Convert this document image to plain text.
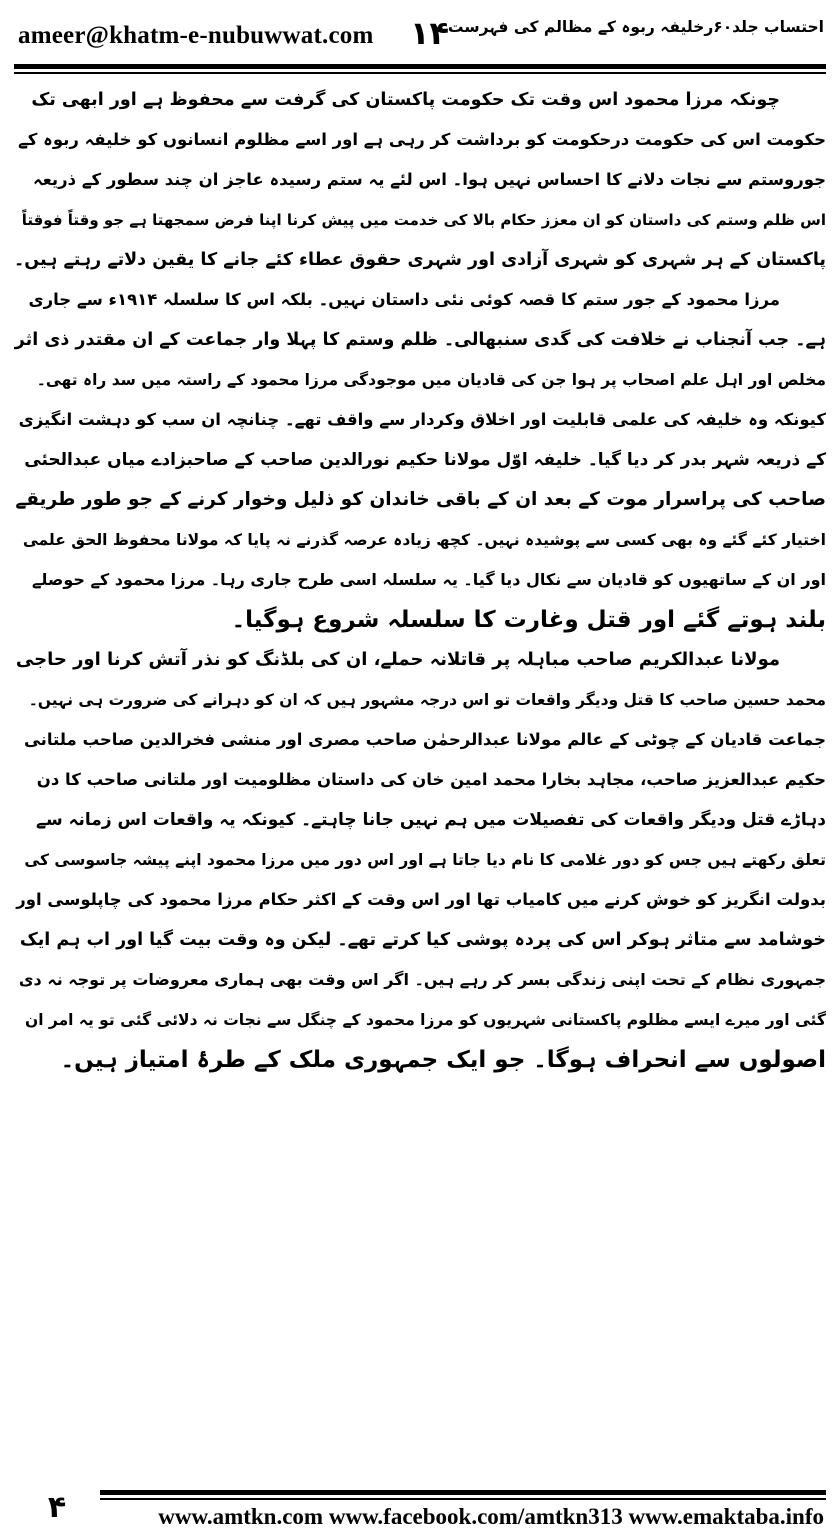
ameer@khatm-e-nubuwwat.com ۱۴
احتساب جلد۶۰رخلیفہ ربوہ کے مظالم کی فہرست
چونکہ مرزا محمود اس وقت تک حکومت پاکستان کی گرفت سے محفوظ ہے اور ابھی تک
حکومت اس کی حکومت درحکومت کو برداشت کر رہی ہے اور اسے مظلوم انسانوں کو خلیفہ ربوہ کے
جوروستم سے نجات دلانے کا احساس نہیں ہوا۔ اس لئے یہ ستم رسیدہ عاجز ان چند سطور کے ذریعہ
اس ظلم وستم کی داستان کو ان معزز حکام بالا کی خدمت میں پیش کرنا اپنا فرض سمجھتا ہے جو وقتاً فوقتاً
پاکستان کے ہر شہری کو شہری آزادی اور شہری حقوق عطاء کئے جانے کا یقین دلاتے رہتے ہیں۔
مرزا محمود کے جور ستم کا قصہ کوئی نئی داستان نہیں۔ بلکہ اس کا سلسلہ ۱۹۱۴ء سے جاری
ہے۔ جب آنجناب نے خلافت کی گدی سنبھالی۔ ظلم وستم کا پہلا وار جماعت کے ان مقتدر ذی اثر
مخلص اور اہل علم اصحاب پر ہوا جن کی قادیان میں موجودگی مرزا محمود کے راستہ میں سد راہ تھی۔
کیونکہ وہ خلیفہ کی علمی قابلیت اور اخلاق وکردار سے واقف تھے۔ چنانچہ ان سب کو دہشت انگیزی
کے ذریعہ شہر بدر کر دیا گیا۔ خلیفہ اوّل مولانا حکیم نورالدین صاحب کے صاحبزادے میاں عبدالحئی
صاحب کی پراسرار موت کے بعد ان کے باقی خاندان کو ذلیل وخوار کرنے کے جو طور طریقے
اختیار کئے گئے وہ بھی کسی سے پوشیدہ نہیں۔ کچھ زیادہ عرصہ گذرنے نہ پایا کہ مولانا محفوظ الحق علمی
اور ان کے ساتھیوں کو قادیان سے نکال دیا گیا۔ یہ سلسلہ اسی طرح جاری رہا۔ مرزا محمود کے حوصلے
بلند ہوتے گئے اور قتل وغارت کا سلسلہ شروع ہوگیا۔
مولانا عبدالکریم صاحب مباہلہ پر قاتلانہ حملے، ان کی بلڈنگ کو نذر آتش کرنا اور حاجی
محمد حسین صاحب کا قتل ودیگر واقعات تو اس درجہ مشہور ہیں کہ ان کو دہرانے کی ضرورت ہی نہیں۔
جماعت قادیان کے چوٹی کے عالم مولانا عبدالرحمٰن صاحب مصری اور منشی فخرالدین صاحب ملتانی
حکیم عبدالعزیز صاحب، مجاہد بخارا محمد امین خان کی داستان مظلومیت اور ملتانی صاحب کا دن
دہاڑے قتل ودیگر واقعات کی تفصیلات میں ہم نہیں جانا چاہتے۔ کیونکہ یہ واقعات اس زمانہ سے
تعلق رکھتے ہیں جس کو دور غلامی کا نام دیا جاتا ہے اور اس دور میں مرزا محمود اپنے پیشہ جاسوسی کی
بدولت انگریز کو خوش کرنے میں کامیاب تھا اور اس وقت کے اکثر حکام مرزا محمود کی چاپلوسی اور
خوشامد سے متاثر ہوکر اس کی پردہ پوشی کیا کرتے تھے۔ لیکن وہ وقت بیت گیا اور اب ہم ایک
جمہوری نظام کے تحت اپنی زندگی بسر کر رہے ہیں۔ اگر اس وقت بھی ہماری معروضات پر توجہ نہ دی
گئی اور میرے ایسے مظلوم پاکستانی شہریوں کو مرزا محمود کے چنگل سے نجات نہ دلائی گئی تو یہ امر ان
اصولوں سے انحراف ہوگا۔ جو ایک جمہوری ملک کے طرۂ امتیاز ہیں۔
۴	www.amtkn.com www.facebook.com/amtkn313 www.emaktaba.info
